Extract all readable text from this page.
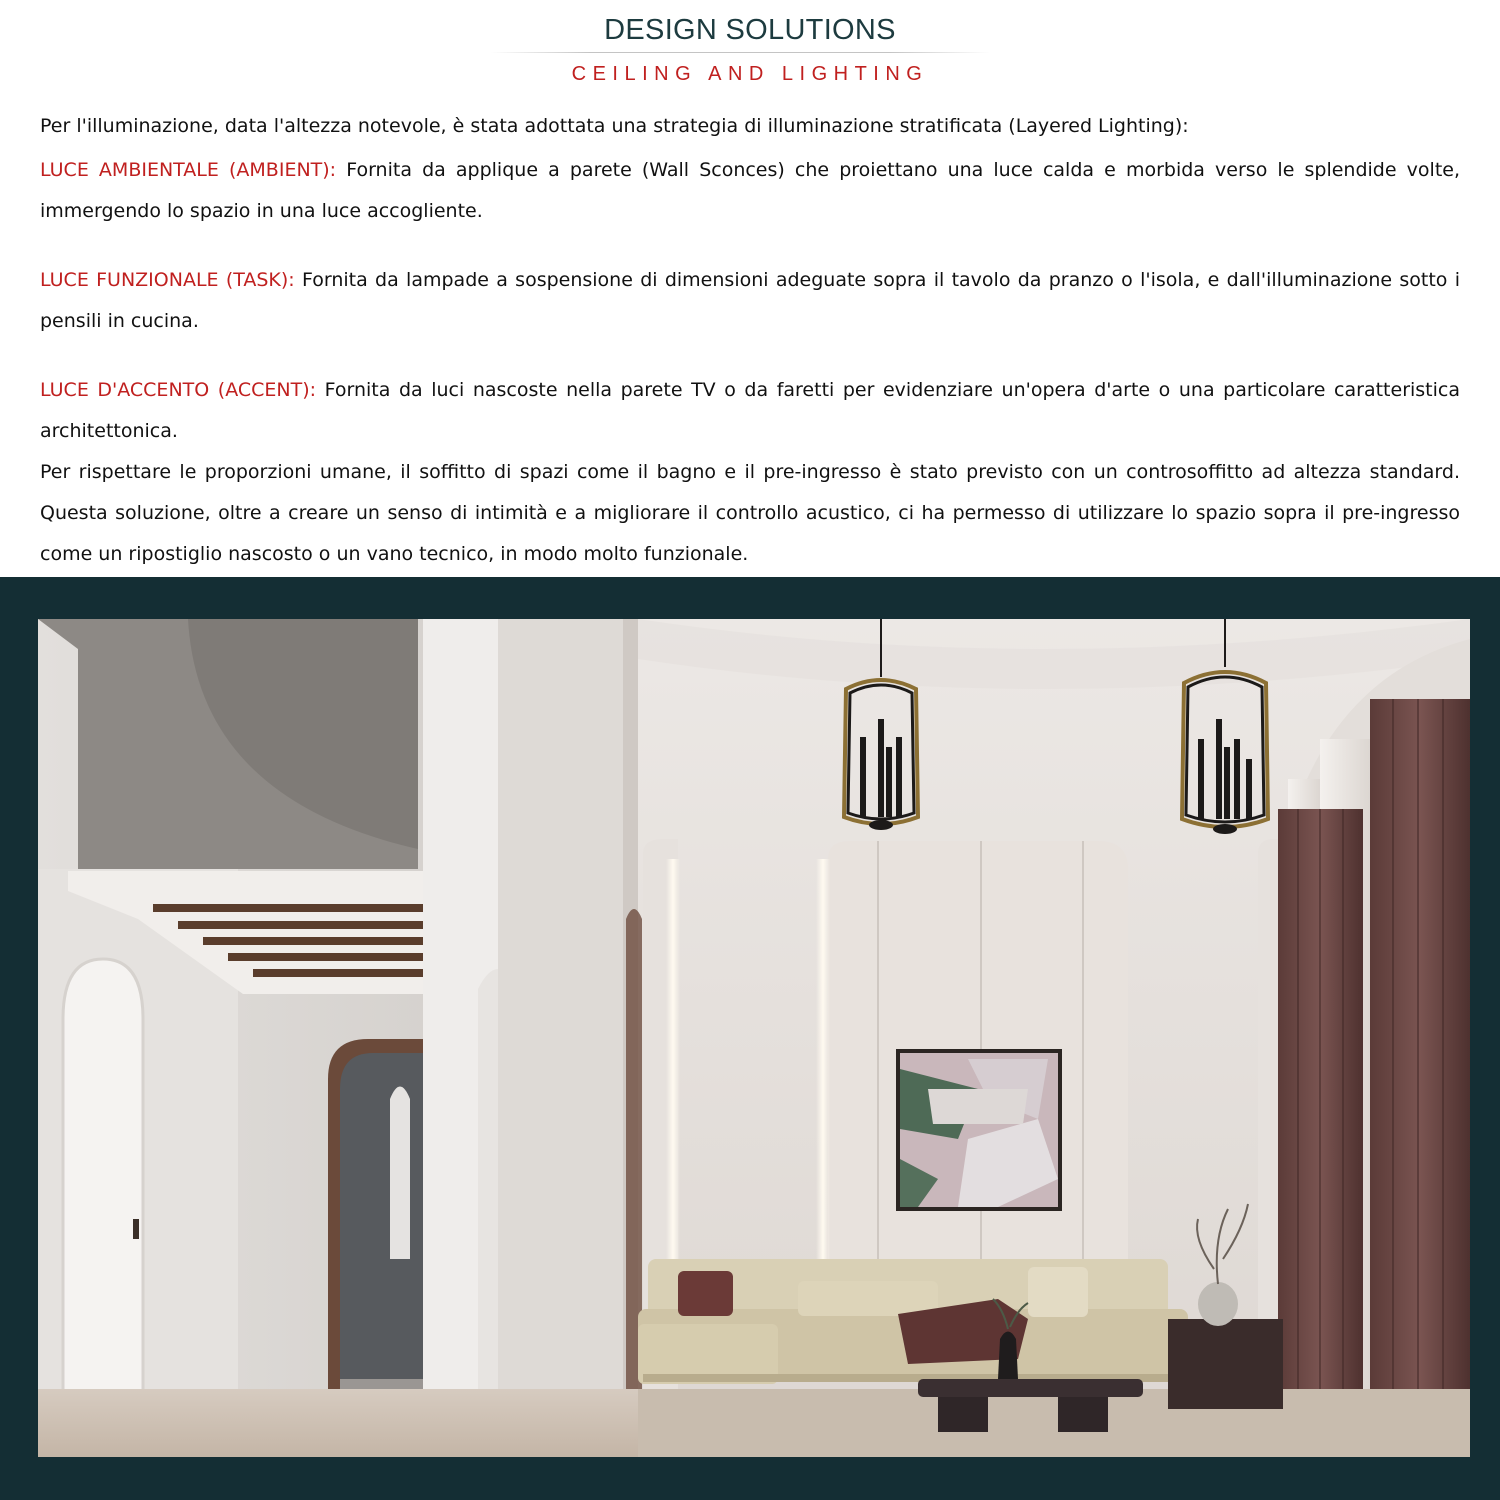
DESIGN SOLUTIONS
CEILING AND LIGHTING

Per l'illuminazione, data l'altezza notevole, è stata adottata una strategia di illuminazione stratificata (Layered Lighting):

LUCE AMBIENTALE (AMBIENT): Fornita da applique a parete (Wall Sconces) che proiettano una luce calda e morbida verso le splendide volte, immergendo lo spazio in una luce accogliente.

LUCE FUNZIONALE (TASK): Fornita da lampade a sospensione di dimensioni adeguate sopra il tavolo da pranzo o l'isola, e dall'illuminazione sotto i pensili in cucina.

LUCE D'ACCENTO (ACCENT): Fornita da luci nascoste nella parete TV o da faretti per evidenziare un'opera d'arte o una particolare caratteristica architettonica.

Per rispettare le proporzioni umane, il soffitto di spazi come il bagno e il pre-ingresso è stato previsto con un controsoffitto ad altezza standard. Questa soluzione, oltre a creare un senso di intimità e a migliorare il controllo acustico, ci ha permesso di utilizzare lo spazio sopra il pre-ingresso come un ripostiglio nascosto o un vano tecnico, in modo molto funzionale.
